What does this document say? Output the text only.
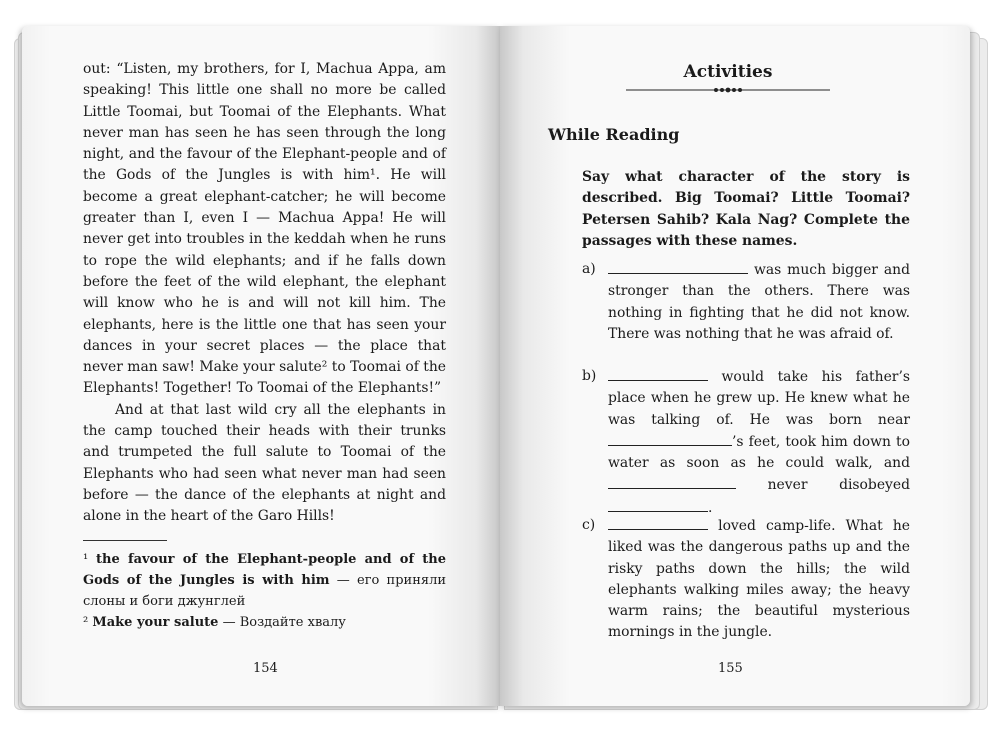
out: “Listen, my brothers, for I, Machua Appa, am speaking! This little one shall no more be called Little Toomai, but Toomai of the Elephants. What never man has seen he has seen through the long night, and the favour of the Elephant-people and of the Gods of the Jungles is with him¹. He will become a great elephant-catcher; he will become greater than I, even I — Machua Appa! He will never get into troubles in the keddah when he runs to rope the wild elephants; and if he falls down before the feet of the wild elephant, the elephant will know who he is and will not kill him. The elephants, here is the little one that has seen your dances in your secret places — the place that never man saw! Make your salute² to Toomai of the Elephants! Together! To Toomai of the Elephants!”

And at that last wild cry all the elephants in the camp touched their heads with their trunks and trumpeted the full salute to Toomai of the Elephants who had seen what never man had seen before — the dance of the elephants at night and alone in the heart of the Garo Hills!

¹ the favour of the Elephant-people and of the Gods of the Jungles is with him — его приняли слоны и боги джунглей

² Make your salute — Воздайте хвалу

154
Activities
While Reading
Say what character of the story is described. Big Toomai? Little Toomai? Petersen Sahib? Kala Nag? Complete the passages with these names.
a)	was much bigger and stronger than the others. There was nothing in fighting that he did not know. There was nothing that he was afraid of.
b)	would take his father’s place when he grew up. He knew what he was talking of. He was born near ’s feet, took him down to water as soon as he could walk, and  never disobeyed .
c)	loved camp-life. What he liked was the dangerous paths up and the risky paths down the hills; the wild elephants walking miles away; the heavy warm rains; the beautiful mysterious mornings in the jungle.
155
